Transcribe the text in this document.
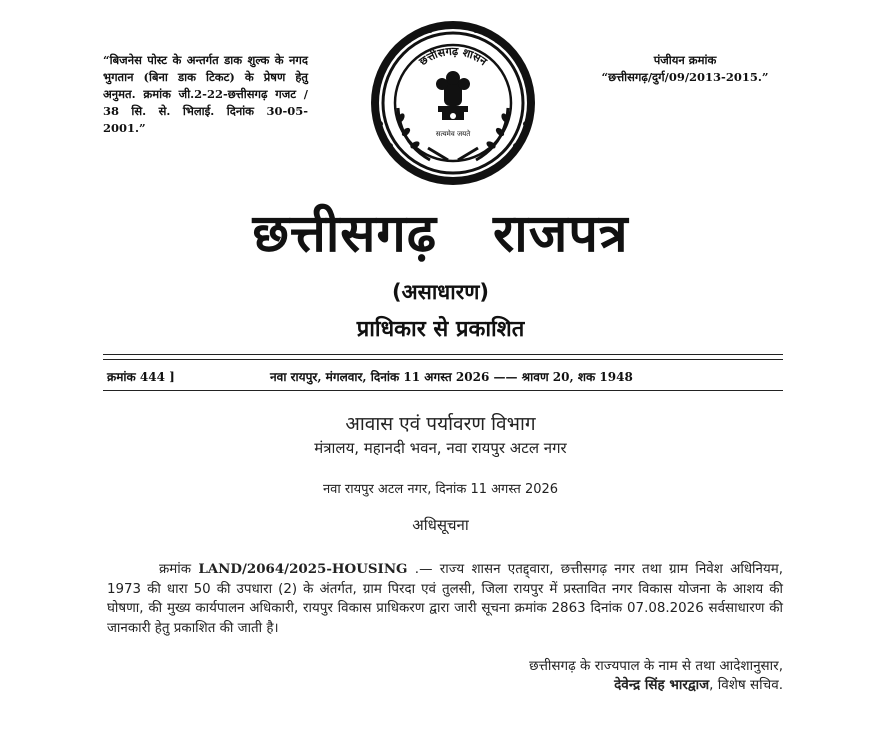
“बिजनेस पोस्ट के अन्तर्गत डाक शुल्क के नगद भुगतान (बिना डाक टिकट) के प्रेषण हेतु अनुमत. क्रमांक जी.2-22-छत्तीसगढ़ गजट / 38 सि. से. भिलाई. दिनांक 30-05-2001.”
पंजीयन क्रमांक
“छत्तीसगढ़/दुर्ग/09/2013-2015.”
छत्तीसगढ़ शासन
सत्यमेव जयते
छत्तीसगढ़ राजपत्र
(असाधारण)
प्राधिकार से प्रकाशित
क्रमांक 444 ]	नवा रायपुर, मंगलवार, दिनांक 11 अगस्त 2026 —— श्रावण 20, शक 1948
आवास एवं पर्यावरण विभाग
मंत्रालय, महानदी भवन, नवा रायपुर अटल नगर
नवा रायपुर अटल नगर, दिनांक 11 अगस्त 2026
अधिसूचना
क्रमांक LAND/2064/2025-HOUSING .— राज्य शासन एतद्द्वारा, छत्तीसगढ़ नगर तथा ग्राम निवेश अधिनियम, 1973 की धारा 50 की उपधारा (2) के अंतर्गत, ग्राम पिरदा एवं तुलसी, जिला रायपुर में प्रस्तावित नगर विकास योजना के आशय की घोषणा, की मुख्य कार्यपालन अधिकारी, रायपुर विकास प्राधिकरण द्वारा जारी सूचना क्रमांक 2863 दिनांक 07.08.2026 सर्वसाधारण की जानकारी हेतु प्रकाशित की जाती है।
छत्तीसगढ़ के राज्यपाल के नाम से तथा आदेशानुसार,
देवेन्द्र सिंह भारद्वाज, विशेष सचिव.
